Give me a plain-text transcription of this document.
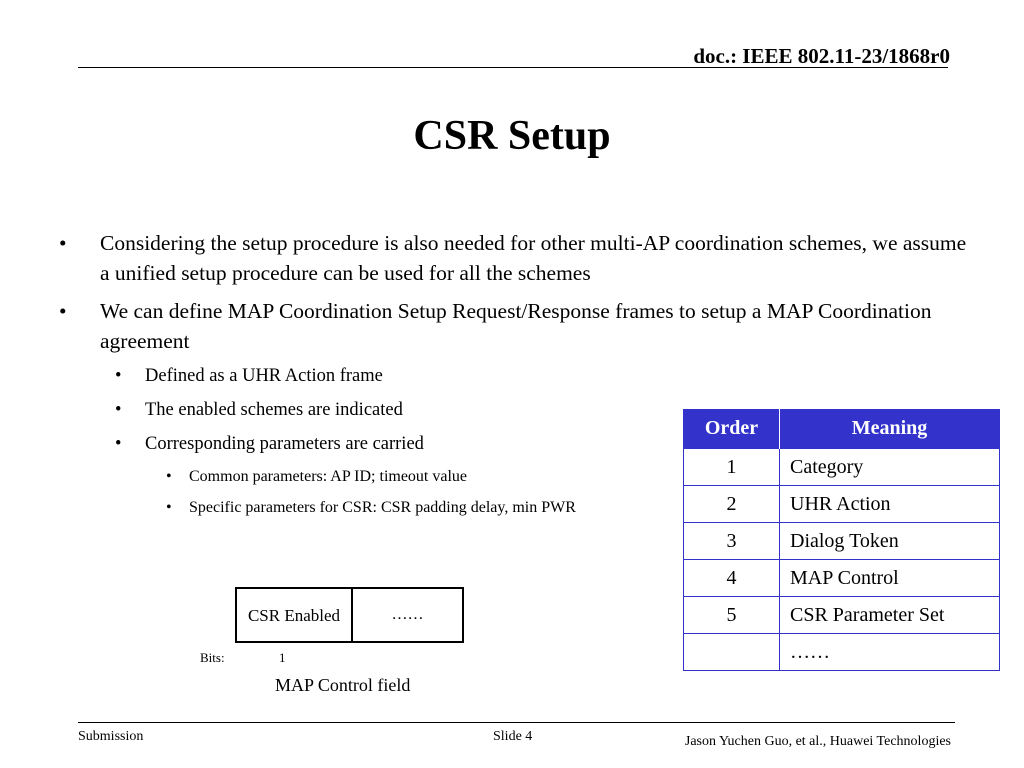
doc.: IEEE 802.11-23/1868r0
CSR Setup
• Considering the setup procedure is also needed for other multi-AP coordination schemes, we assume a unified setup procedure can be used for all the schemes
• We can define MAP Coordination Setup Request/Response frames to setup a MAP Coordination agreement
• Defined as a UHR Action frame
• The enabled schemes are indicated
• Corresponding parameters are carried
• Common parameters: AP ID; timeout value
• Specific parameters for CSR: CSR padding delay, min PWR
Order	Meaning
1	Category
2	UHR Action
3	Dialog Token
4	MAP Control
5	CSR Parameter Set
	……
CSR Enabled	……
Bits:	1
MAP Control field
Submission	Slide 4	Jason Yuchen Guo, et al., Huawei Technologies
